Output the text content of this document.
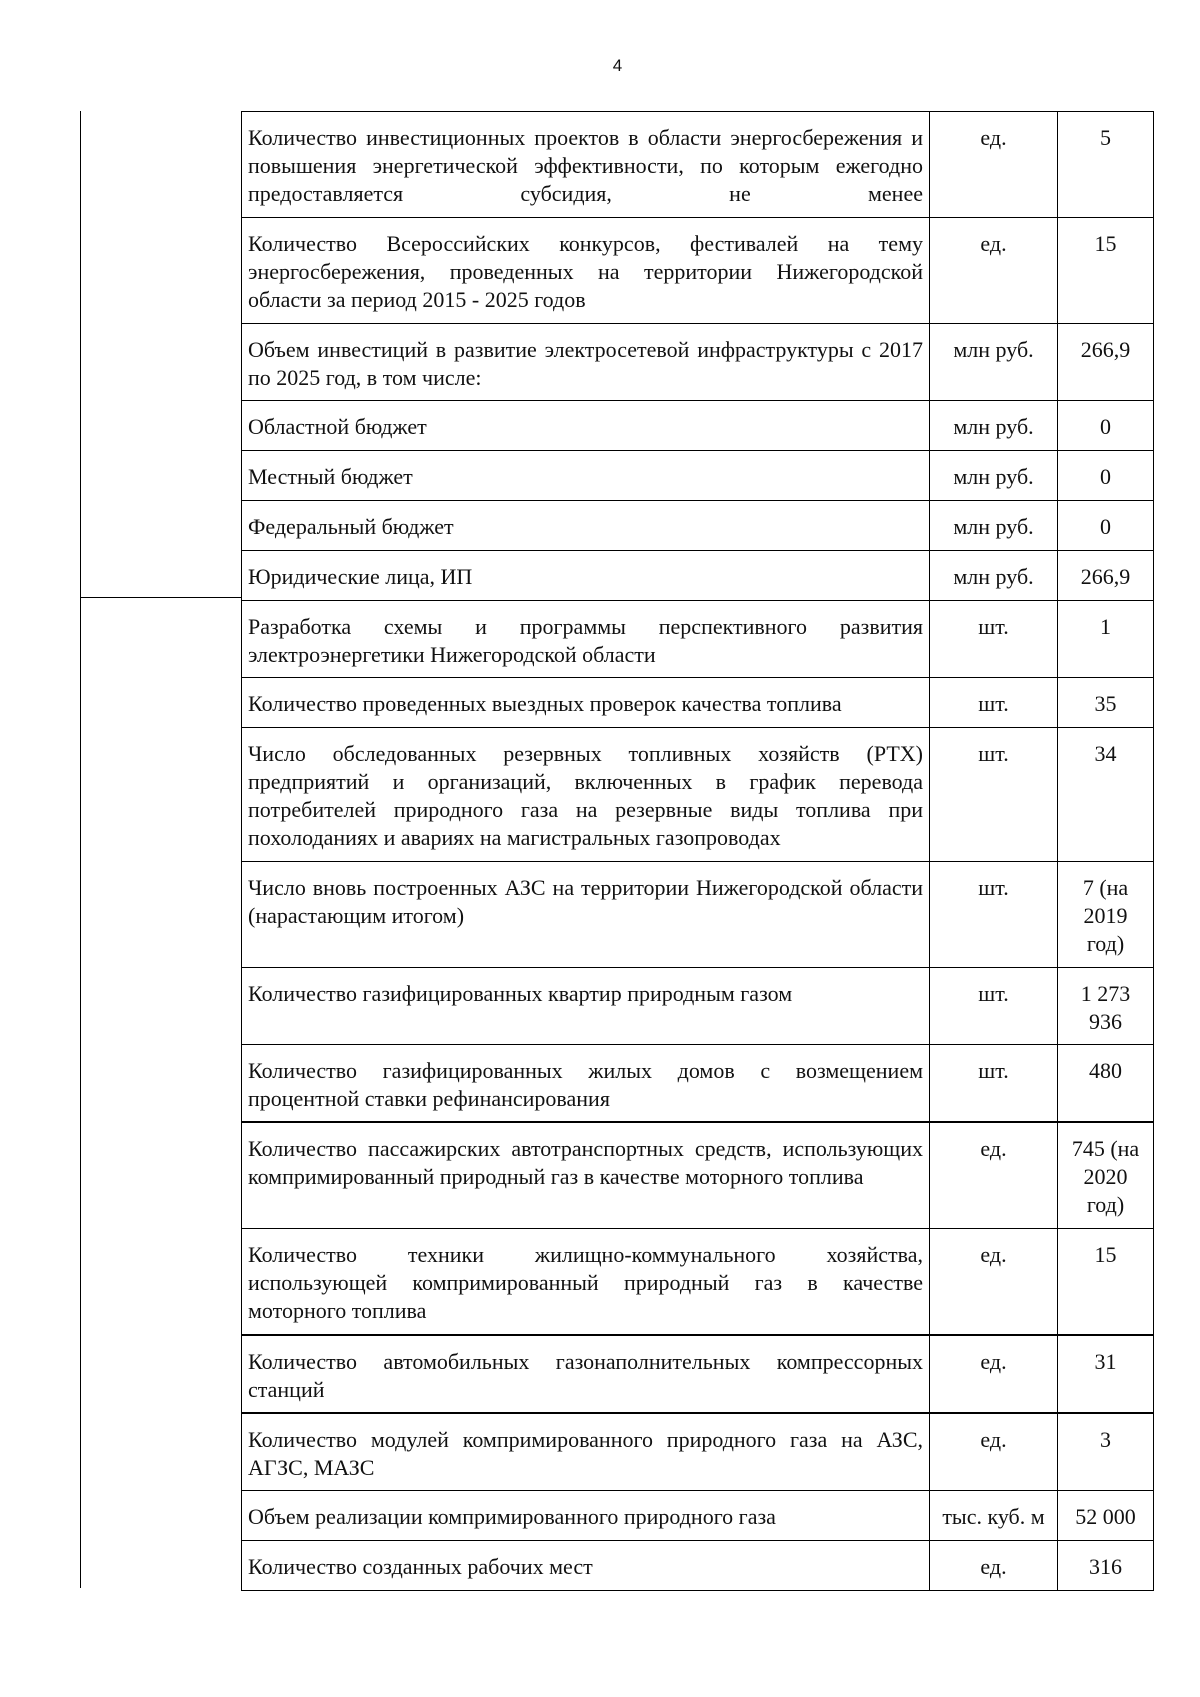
4
Количество инвестиционных проектов в области энергосбережения и повышения энергетической эффективности, по которым ежегодно предоставляется субсидия, не менее	ед.	5
Количество Всероссийских конкурсов, фестивалей на тему энергосбережения, проведенных на территории Нижегородской области за период 2015 - 2025 годов	ед.	15
Объем инвестиций в развитие электросетевой инфраструктуры с 2017 по 2025 год, в том числе:	млн руб.	266,9
Областной бюджет	млн руб.	0
Местный бюджет	млн руб.	0
Федеральный бюджет	млн руб.	0
Юридические лица, ИП	млн руб.	266,9
Разработка схемы и программы перспективного развития электроэнергетики Нижегородской области	шт.	1
Количество проведенных выездных проверок качества топлива	шт.	35
Число обследованных резервных топливных хозяйств (РТХ) предприятий и организаций, включенных в график перевода потребителей природного газа на резервные виды топлива при похолоданиях и авариях на магистральных газопроводах	шт.	34
Число вновь построенных АЗС на территории Нижегородской области (нарастающим итогом)	шт.	7 (на 2019 год)
Количество газифицированных квартир природным газом	шт.	1 273 936
Количество газифицированных жилых домов с возмещением процентной ставки рефинансирования	шт.	480
Количество пассажирских автотранспортных средств, использующих компримированный природный газ в качестве моторного топлива	ед.	745 (на 2020 год)
Количество техники жилищно-коммунального хозяйства, использующей компримированный природный газ в качестве моторного топлива	ед.	15
Количество автомобильных газонаполнительных компрессорных станций	ед.	31
Количество модулей компримированного природного газа на АЗС, АГЗС, МАЗС	ед.	3
Объем реализации компримированного природного газа	тыс. куб. м	52 000
Количество созданных рабочих мест	ед.	316
